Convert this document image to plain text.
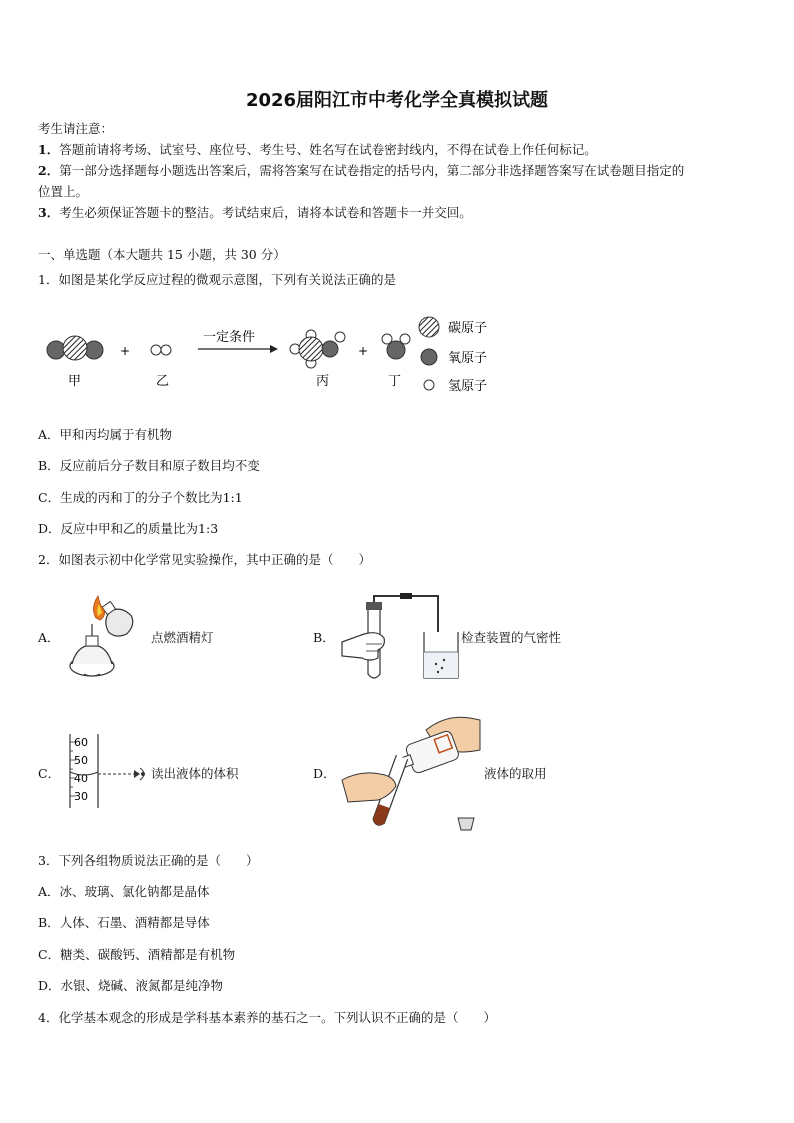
2026届阳江市中考化学全真模拟试题
考生请注意：
1．答题前请将考场、试室号、座位号、考生号、姓名写在试卷密封线内，不得在试卷上作任何标记。
2．第一部分选择题每小题选出答案后，需将答案写在试卷指定的括号内，第二部分非选择题答案写在试卷题目指定的
位置上。
3．考生必须保证答题卡的整洁。考试结束后，请将本试卷和答题卡一并交回。
一、单选题（本大题共 15 小题，共 30 分）
1．如图是某化学反应过程的微观示意图，下列有关说法正确的是
+
一定条件
+
甲	乙	丙	丁
碳原子
氧原子
氢原子
A．甲和丙均属于有机物
B．反应前后分子数目和原子数目均不变
C．生成的丙和丁的分子个数比为1:1
D．反应中甲和乙的质量比为1:3
2．如图表示初中化学常见实验操作，其中正确的是（　　）
A．	点燃酒精灯	B．	检查装置的气密性
C．
60
50
40
30
读出液体的体积	D．	液体的取用
3．下列各组物质说法正确的是（　　）
A．冰、玻璃、氯化钠都是晶体
B．人体、石墨、酒精都是导体
C．糖类、碳酸钙、酒精都是有机物
D．水银、烧碱、液氮都是纯净物
4．化学基本观念的形成是学科基本素养的基石之一。下列认识不正确的是（　　）
